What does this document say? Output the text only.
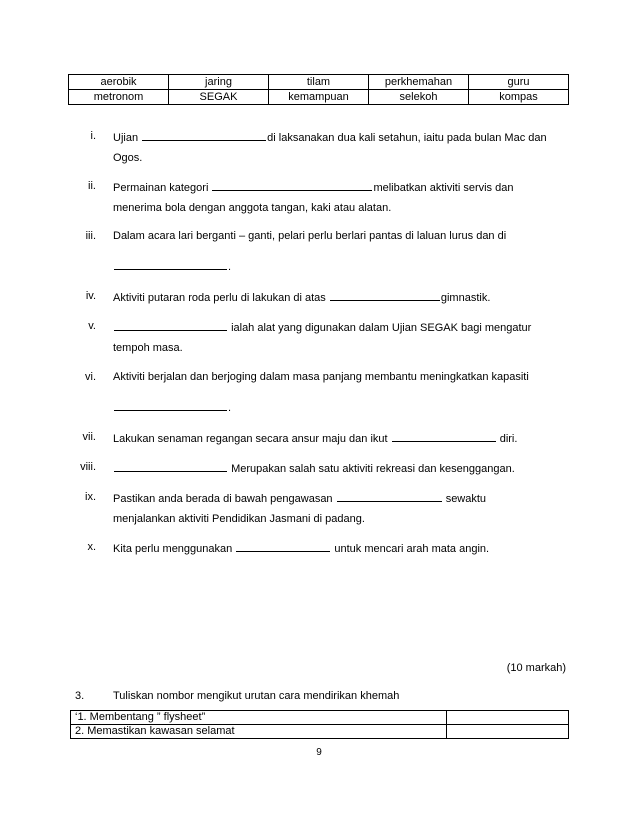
aerobik	jaring	tilam	perkhemahan	guru
metronom	SEGAK	kemampuan	selekoh	kompas
i. Ujian	di laksanakan dua kali setahun, iaitu pada bulan Mac dan
Ogos.
ii. Permainan kategori	melibatkan aktiviti servis dan
menerima bola dengan anggota tangan, kaki atau alatan.
iii. Dalam acara lari berganti – ganti, pelari perlu berlari pantas di laluan lurus dan di
.
iv. Aktiviti putaran roda perlu di lakukan di atas	gimnastik.
v.	ialah alat yang digunakan dalam Ujian SEGAK bagi mengatur
tempoh masa.
vi. Aktiviti berjalan dan berjoging dalam masa panjang membantu meningkatkan kapasiti
.
vii. Lakukan senaman regangan secara ansur maju dan ikut	diri.
viii.	Merupakan salah satu aktiviti rekreasi dan kesenggangan.
ix. Pastikan anda berada di bawah pengawasan	sewaktu
menjalankan aktiviti Pendidikan Jasmani di padang.
x. Kita perlu menggunakan	untuk mencari arah mata angin.
(10 markah)
3.	Tuliskan nombor mengikut urutan cara mendirikan khemah
‘1. Membentang ” flysheet”	
2. Memastikan kawasan selamat	
9
